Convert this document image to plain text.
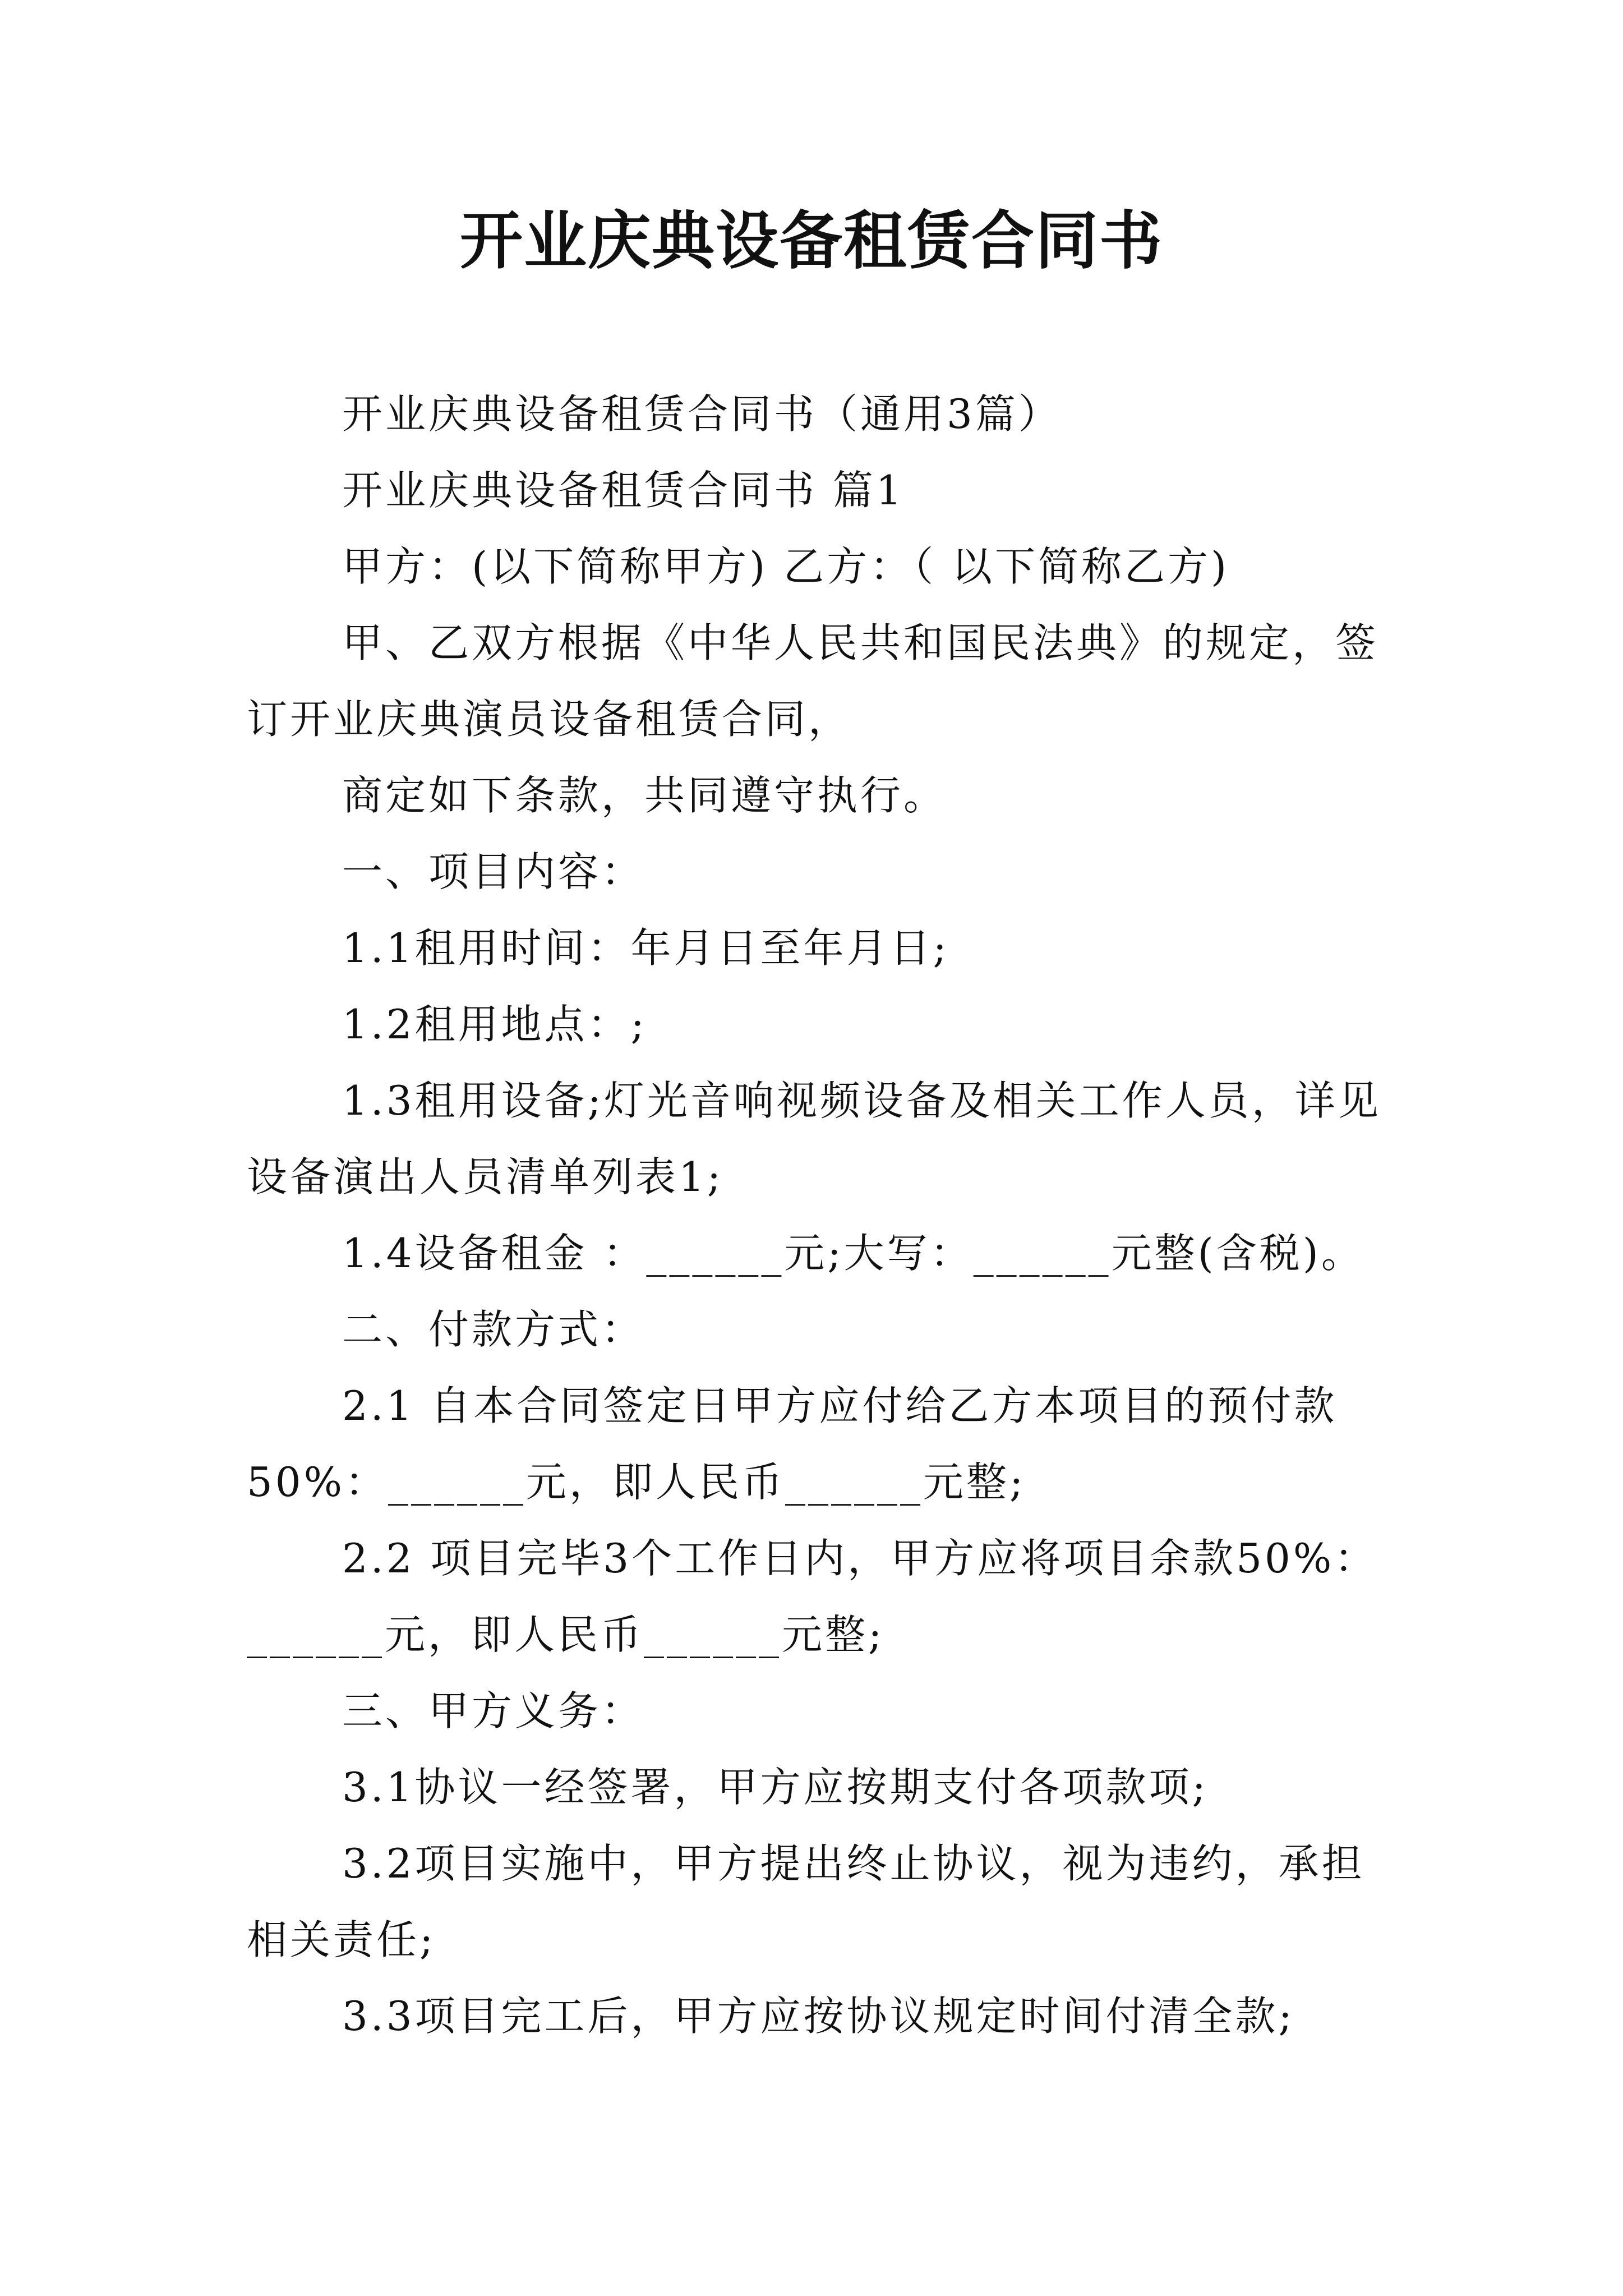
开业庆典设备租赁合同书

开业庆典设备租赁合同书（通用3篇）

开业庆典设备租赁合同书 篇1

甲方：(以下简称甲方) 乙方：（ 以下简称乙方)

甲、乙双方根据《中华人民共和国民法典》的规定，签

订开业庆典演员设备租赁合同，

商定如下条款，共同遵守执行。

一、项目内容：

1.1租用时间：年月日至年月日;

1.2租用地点：;

1.3租用设备;灯光音响视频设备及相关工作人员，详见

设备演出人员清单列表1;

1.4设备租金 ：______元;大写：______元整(含税)。

二、付款方式：

2.1 自本合同签定日甲方应付给乙方本项目的预付款

50%：______元，即人民币______元整;

2.2 项目完毕3个工作日内，甲方应将项目余款50%：

______元，即人民币______元整;

三、甲方义务：

3.1协议一经签署，甲方应按期支付各项款项;

3.2项目实施中，甲方提出终止协议，视为违约，承担

相关责任;

3.3项目完工后，甲方应按协议规定时间付清全款;
